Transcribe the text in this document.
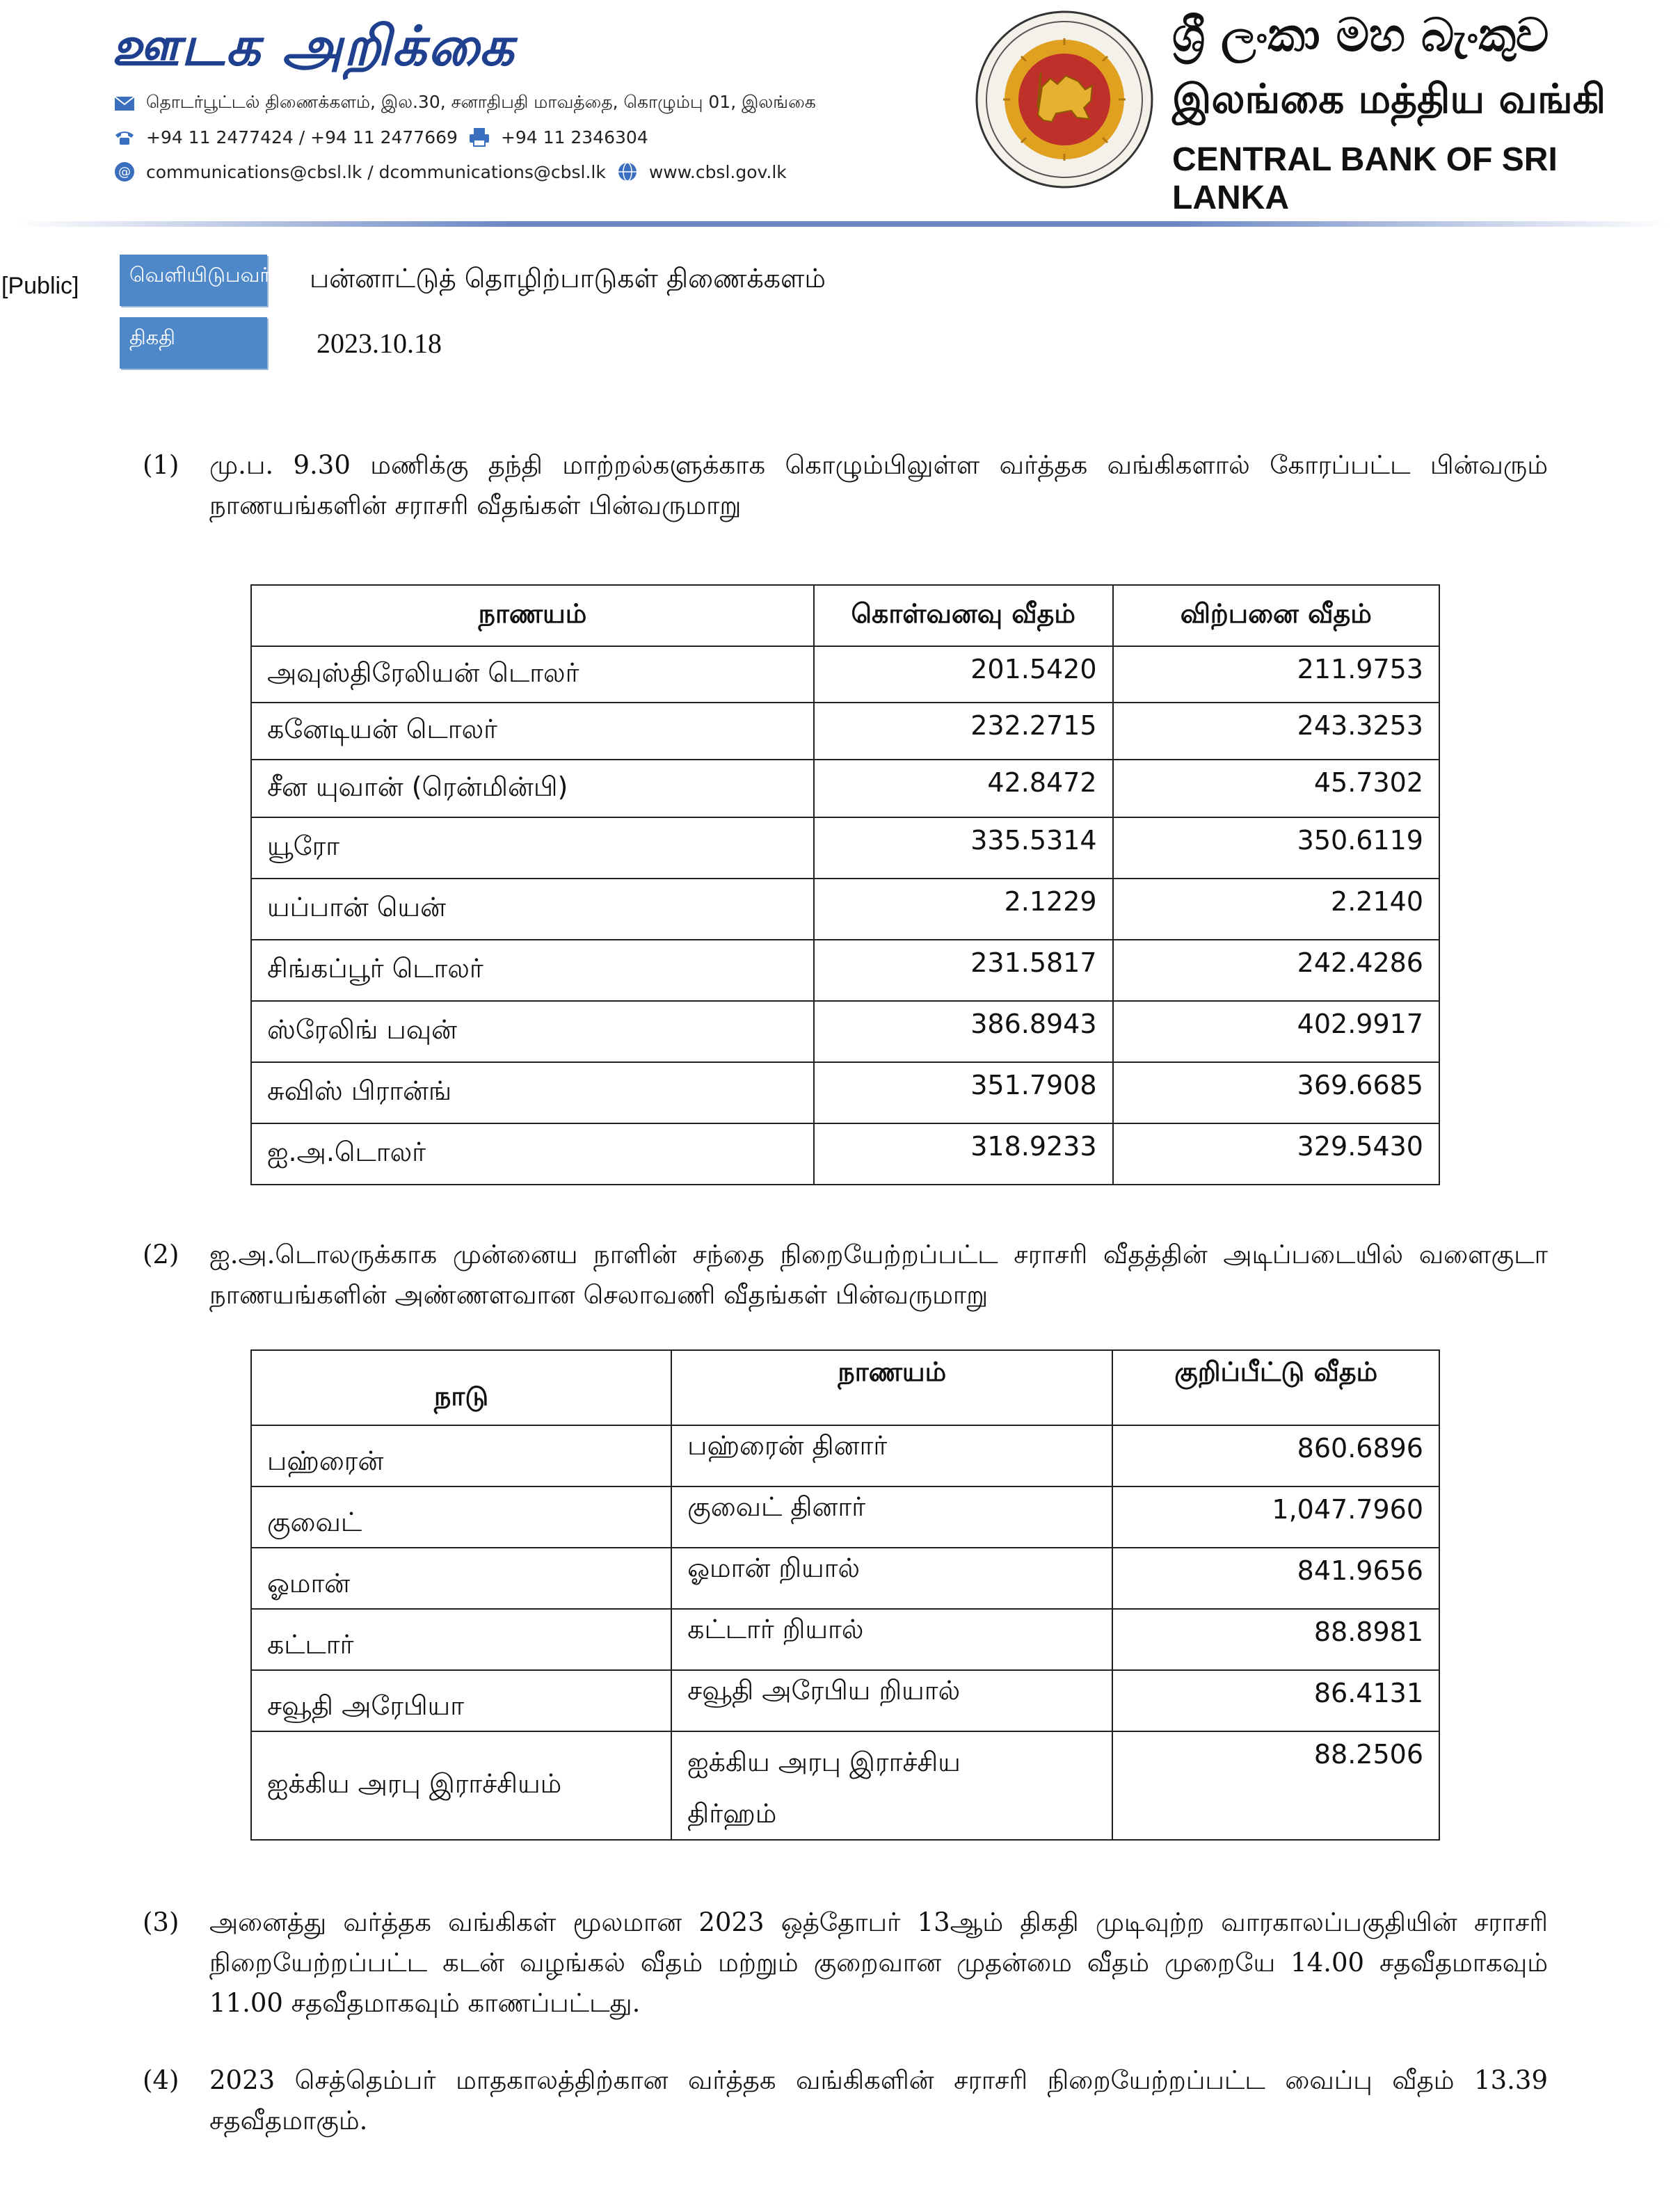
ஊடக அறிக்கை
தொடர்பூட்டல் திணைக்களம், இல.30, சனாதிபதி மாவத்தை, கொழும்பு 01, இலங்கை
+94 11 2477424 / +94 11 2477669 +94 11 2346304
@ communications@cbsl.lk / dcommunications@cbsl.lk www.cbsl.gov.lk
ශ්‍රී ලංකා මහ බැංකුව
இலங்கை மத்திய வங்கி
CENTRAL BANK OF SRI LANKA
[Public]	வெளியிடுபவர் பன்னாட்டுத் தொழிற்பாடுகள் திணைக்களம்
திகதி	2023.10.18
(1) மு.ப. 9.30 மணிக்கு தந்தி மாற்றல்களுக்காக கொழும்பிலுள்ள வர்த்தக வங்கிகளால் கோரப்பட்ட பின்வரும் நாணயங்களின் சராசரி வீதங்கள் பின்வருமாறு
நாணயம்	கொள்வனவு வீதம்	விற்பனை வீதம்
அவுஸ்திரேலியன் டொலர்	201.5420	211.9753
கனேடியன் டொலர்	232.2715	243.3253
சீன யுவான் (ரென்மின்பி)	42.8472	45.7302
யூரோ	335.5314	350.6119
யப்பான் யென்	2.1229	2.2140
சிங்கப்பூர் டொலர்	231.5817	242.4286
ஸ்ரேலிங் பவுன்	386.8943	402.9917
சுவிஸ் பிரான்ங்	351.7908	369.6685
ஐ.அ.டொலர்	318.9233	329.5430
(2) ஐ.அ.டொலருக்காக முன்னைய நாளின் சந்தை நிறையேற்றப்பட்ட சராசரி வீதத்தின் அடிப்படையில் வளைகுடா நாணயங்களின் அண்ணளவான செலாவணி வீதங்கள் பின்வருமாறு
நாடு	நாணயம்	குறிப்பீட்டு வீதம்
பஹ்ரைன்	பஹ்ரைன் தினார்	860.6896
குவைட்	குவைட் தினார்	1,047.7960
ஓமான்	ஓமான் றியால்	841.9656
கட்டார்	கட்டார் றியால்	88.8981
சவூதி அரேபியா	சவூதி அரேபிய றியால்	86.4131
ஐக்கிய அரபு இராச்சியம்	ஐக்கிய அரபு இராச்சிய திர்ஹம்	88.2506
(3) அனைத்து வர்த்தக வங்கிகள் மூலமான 2023 ஒத்தோபர் 13ஆம் திகதி முடிவுற்ற வாரகாலப்பகுதியின் சராசரி நிறையேற்றப்பட்ட கடன் வழங்கல் வீதம் மற்றும் குறைவான முதன்மை வீதம் முறையே 14.00 சதவீதமாகவும் 11.00 சதவீதமாகவும் காணப்பட்டது.
(4) 2023 செத்தெம்பர் மாதகாலத்திற்கான வர்த்தக வங்கிகளின் சராசரி நிறையேற்றப்பட்ட வைப்பு வீதம் 13.39 சதவீதமாகும்.
